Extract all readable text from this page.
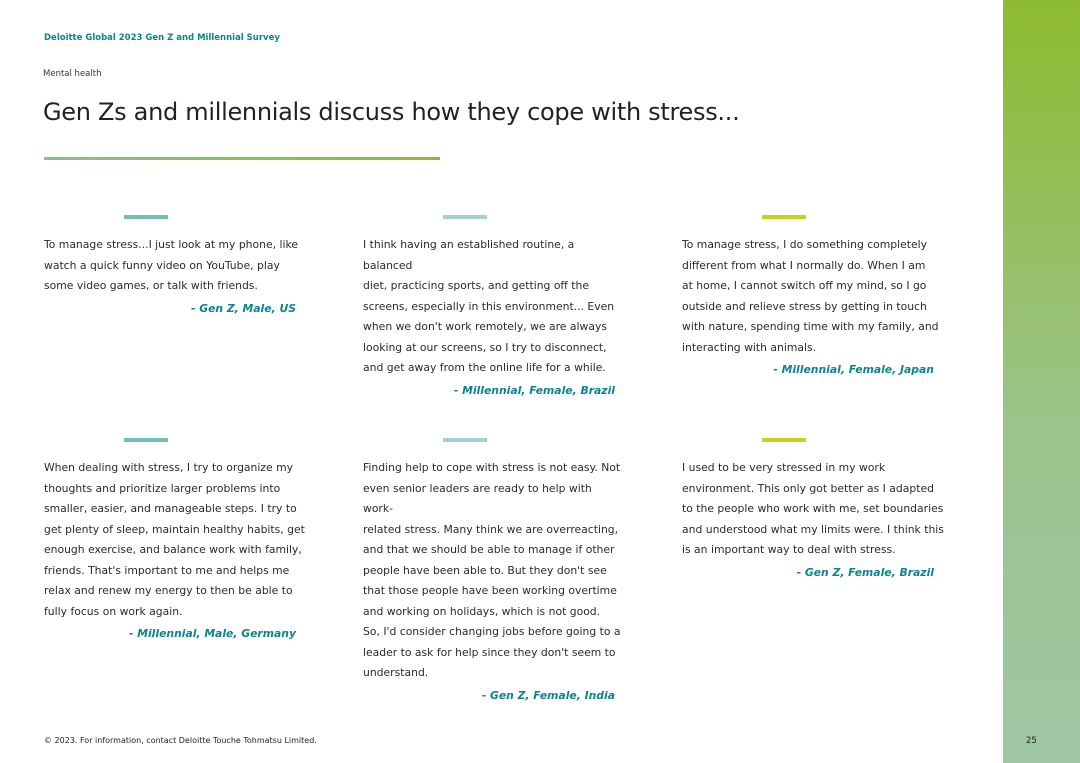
Deloitte Global 2023 Gen Z and Millennial Survey
Mental health
Gen Zs and millennials discuss how they cope with stress...
To manage stress...I just look at my phone, like
watch a quick funny video on YouTube, play
some video games, or talk with friends.
- Gen Z, Male, US
I think having an established routine, a balanced
diet, practicing sports, and getting off the
screens, especially in this environment... Even
when we don't work remotely, we are always
looking at our screens, so I try to disconnect,
and get away from the online life for a while.
- Millennial, Female, Brazil
To manage stress, I do something completely
different from what I normally do. When I am
at home, I cannot switch off my mind, so I go
outside and relieve stress by getting in touch
with nature, spending time with my family, and
interacting with animals.
- Millennial, Female, Japan
When dealing with stress, I try to organize my
thoughts and prioritize larger problems into
smaller, easier, and manageable steps. I try to
get plenty of sleep, maintain healthy habits, get
enough exercise, and balance work with family,
friends. That's important to me and helps me
relax and renew my energy to then be able to
fully focus on work again.
- Millennial, Male, Germany
Finding help to cope with stress is not easy. Not
even senior leaders are ready to help with work-
related stress. Many think we are overreacting,
and that we should be able to manage if other
people have been able to. But they don't see
that those people have been working overtime
and working on holidays, which is not good.
So, I'd consider changing jobs before going to a
leader to ask for help since they don't seem to
understand.
- Gen Z, Female, India
I used to be very stressed in my work
environment. This only got better as I adapted
to the people who work with me, set boundaries
and understood what my limits were. I think this
is an important way to deal with stress.
- Gen Z, Female, Brazil
© 2023. For information, contact Deloitte Touche Tohmatsu Limited.	25
